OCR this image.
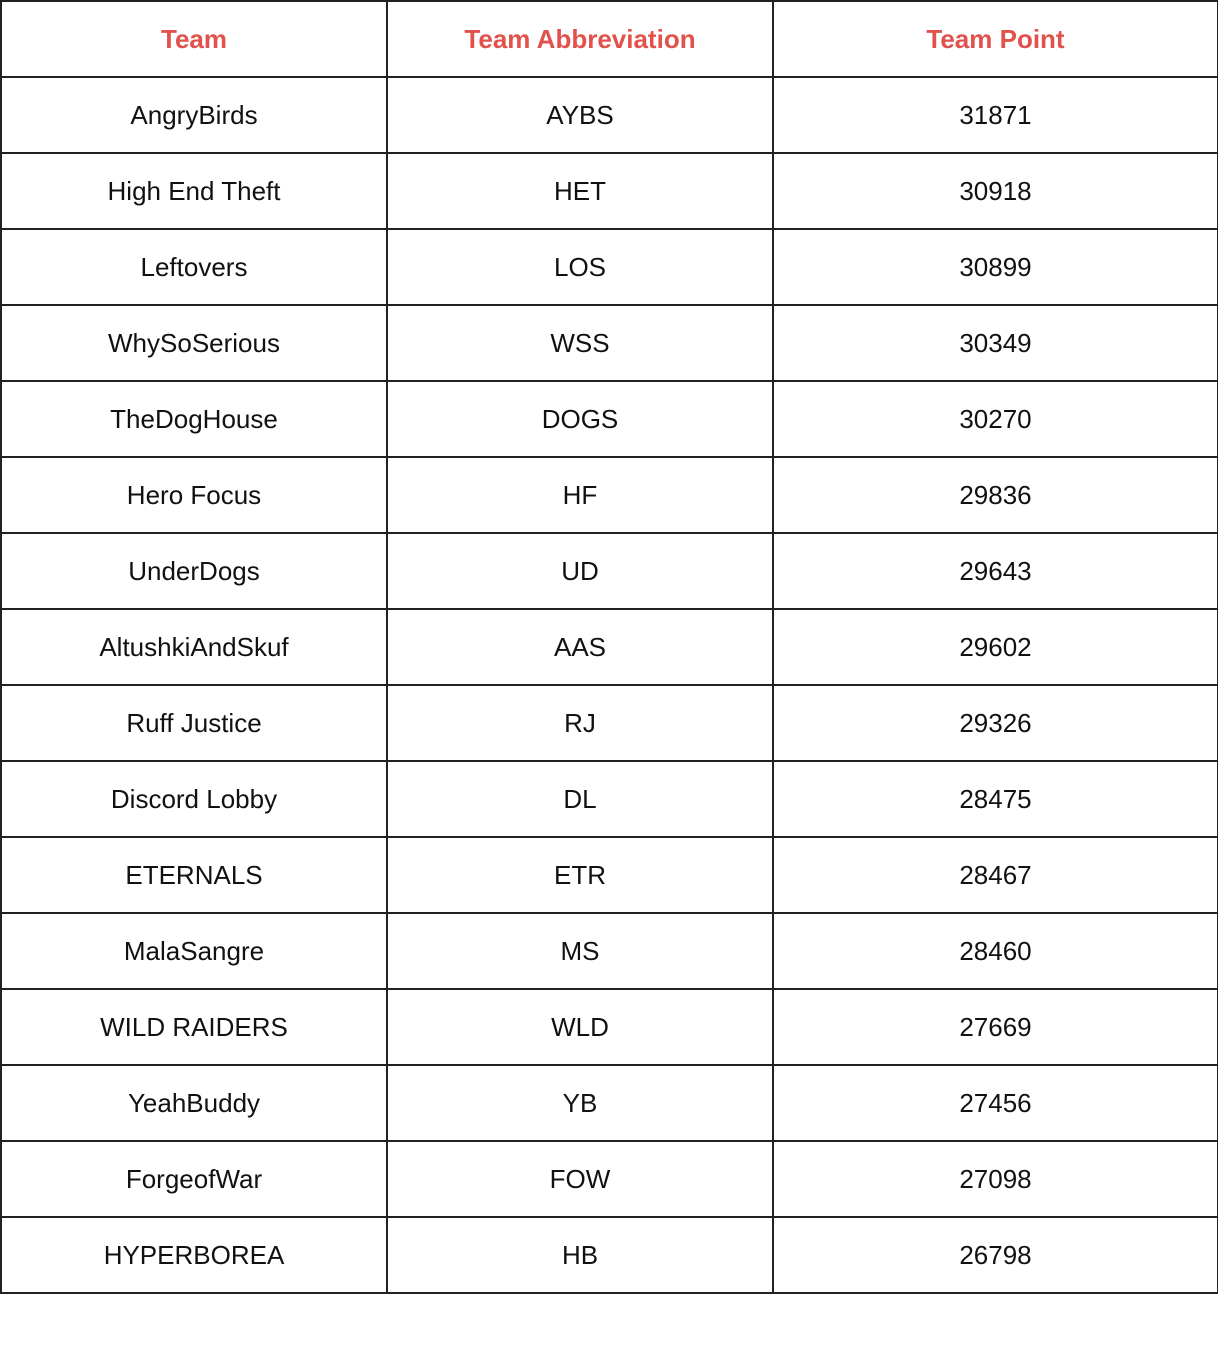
Team	Team Abbreviation	Team Point
AngryBirds	AYBS	31871
High End Theft	HET	30918
Leftovers	LOS	30899
WhySoSerious	WSS	30349
TheDogHouse	DOGS	30270
Hero Focus	HF	29836
UnderDogs	UD	29643
AltushkiAndSkuf	AAS	29602
Ruff Justice	RJ	29326
Discord Lobby	DL	28475
ETERNALS	ETR	28467
MalaSangre	MS	28460
WILD RAIDERS	WLD	27669
YeahBuddy	YB	27456
ForgeofWar	FOW	27098
HYPERBOREA	HB	26798
